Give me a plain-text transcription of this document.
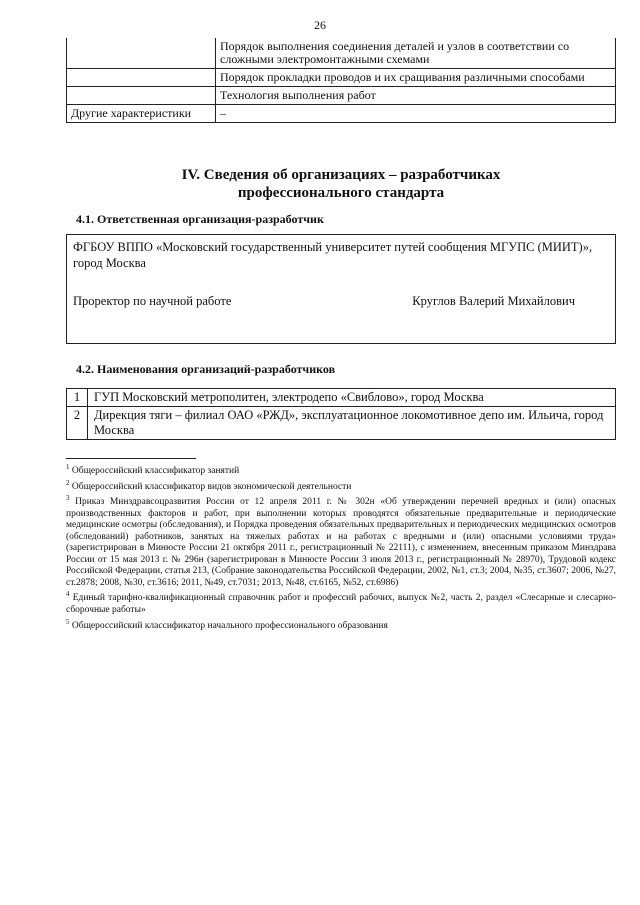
26
	Порядок выполнения соединения деталей и узлов в соответствии со сложными электромонтажными схемами
	Порядок прокладки проводов и их сращивания различными способами
	Технология выполнения работ
Другие характеристики	–
IV. Сведения об организациях – разработчиках
профессионального стандарта
4.1. Ответственная организация-разработчик
ФГБОУ ВППО «Московский государственный университет путей сообщения МГУПС (МИИТ)», город Москва
Проректор по научной работе	Круглов Валерий Михайлович
4.2. Наименования организаций-разработчиков
1	ГУП Московский метрополитен, электродепо «Свиблово», город Москва
2	Дирекция тяги – филиал ОАО «РЖД», эксплуатационное локомотивное депо им. Ильича, город Москва

$^1$ Общероссийский классификатор занятий

$^2$ Общероссийский классификатор видов экономической деятельности

$^3$ Приказ Минздравсоцразвития России от 12 апреля 2011 г. № 302н «Об утверждении перечней вредных и (или) опасных производственных факторов и работ, при выполнении которых проводятся обязательные предварительные и периодические медицинские осмотры (обследования), и Порядка проведения обязательных предварительных и периодических медицинских осмотров (обследований) работников, занятых на тяжелых работах и на работах с вредными и (или) опасными условиями труда» (зарегистрирован в Минюсте России 21 октября 2011 г., регистрационный № 22111), с изменением, внесенным приказом Минздрава России от 15 мая 2013 г. № 296н (зарегистрирован в Минюсте России 3 июля 2013 г., регистрационный № 28970), Трудовой кодекс Российской Федерации, статья 213, (Собрание законодательства Российской Федерации, 2002, №1, ст.3; 2004, №35, ст.3607; 2006, №27, ст.2878; 2008, №30, ст.3616; 2011, №49, ст.7031; 2013, №48, ст.6165, №52, ст.6986)

$^4$ Единый тарифно-квалификационный справочник работ и профессий рабочих, выпуск №2, часть 2, раздел «Слесарные и слесарно-сборочные работы»

$^5$ Общероссийский классификатор начального профессионального образования
